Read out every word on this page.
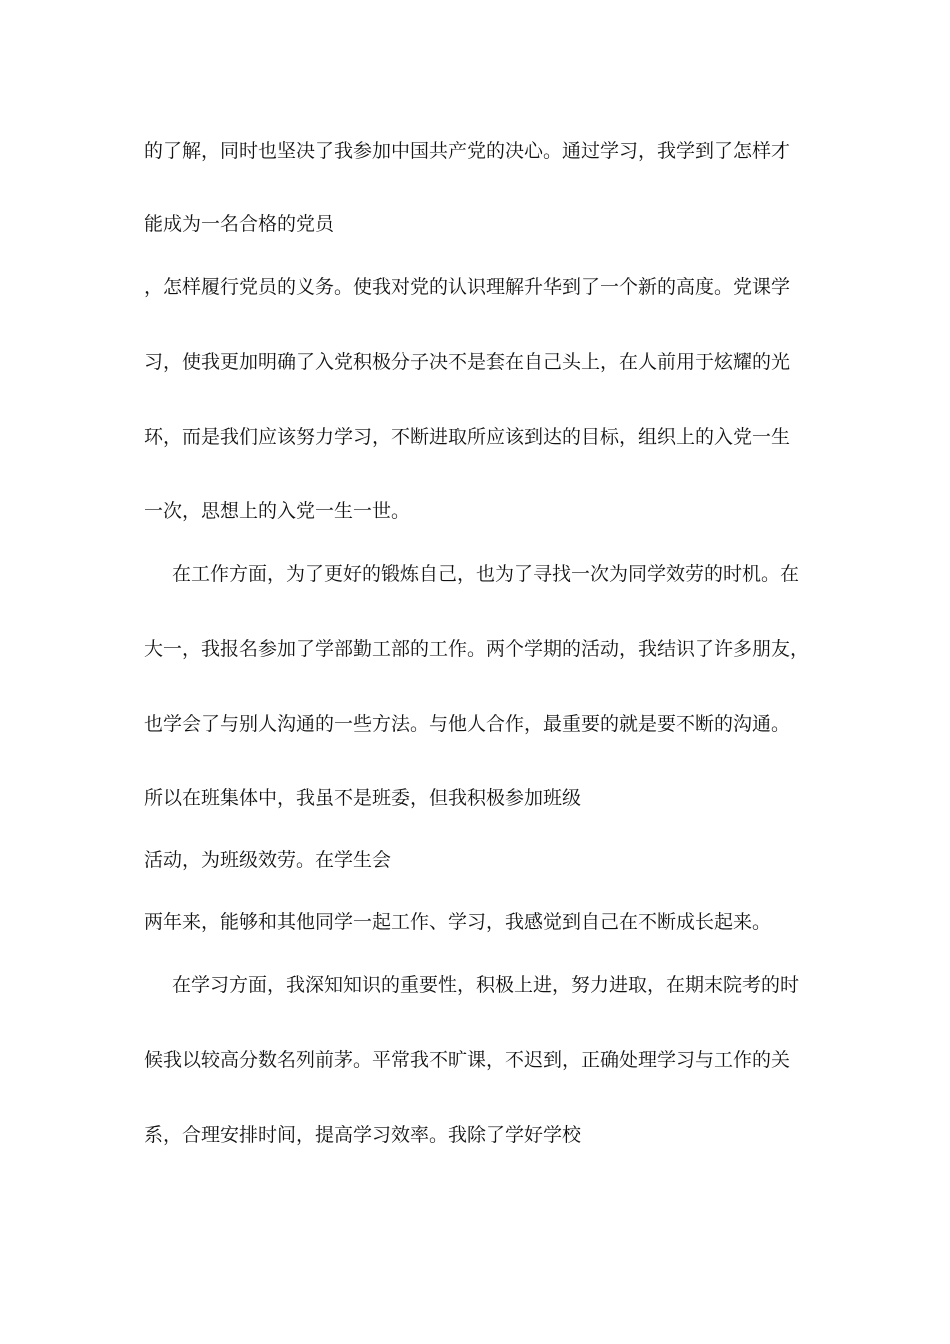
的了解，同时也坚决了我参加中国共产党的决心。通过学习，我学到了怎样才

能成为一名合格的党员

，怎样履行党员的义务。使我对党的认识理解升华到了一个新的高度。党课学

习，使我更加明确了入党积极分子决不是套在自己头上，在人前用于炫耀的光

环，而是我们应该努力学习，不断进取所应该到达的目标，组织上的入党一生

一次，思想上的入党一生一世。

在工作方面，为了更好的锻炼自己，也为了寻找一次为同学效劳的时机。在

大一，我报名参加了学部勤工部的工作。两个学期的活动，我结识了许多朋友，

也学会了与别人沟通的一些方法。与他人合作，最重要的就是要不断的沟通。

所以在班集体中，我虽不是班委，但我积极参加班级

活动，为班级效劳。在学生会

两年来，能够和其他同学一起工作、学习，我感觉到自己在不断成长起来。

在学习方面，我深知知识的重要性，积极上进，努力进取，在期末院考的时

候我以较高分数名列前茅。平常我不旷课，不迟到，正确处理学习与工作的关

系，合理安排时间，提高学习效率。我除了学好学校
